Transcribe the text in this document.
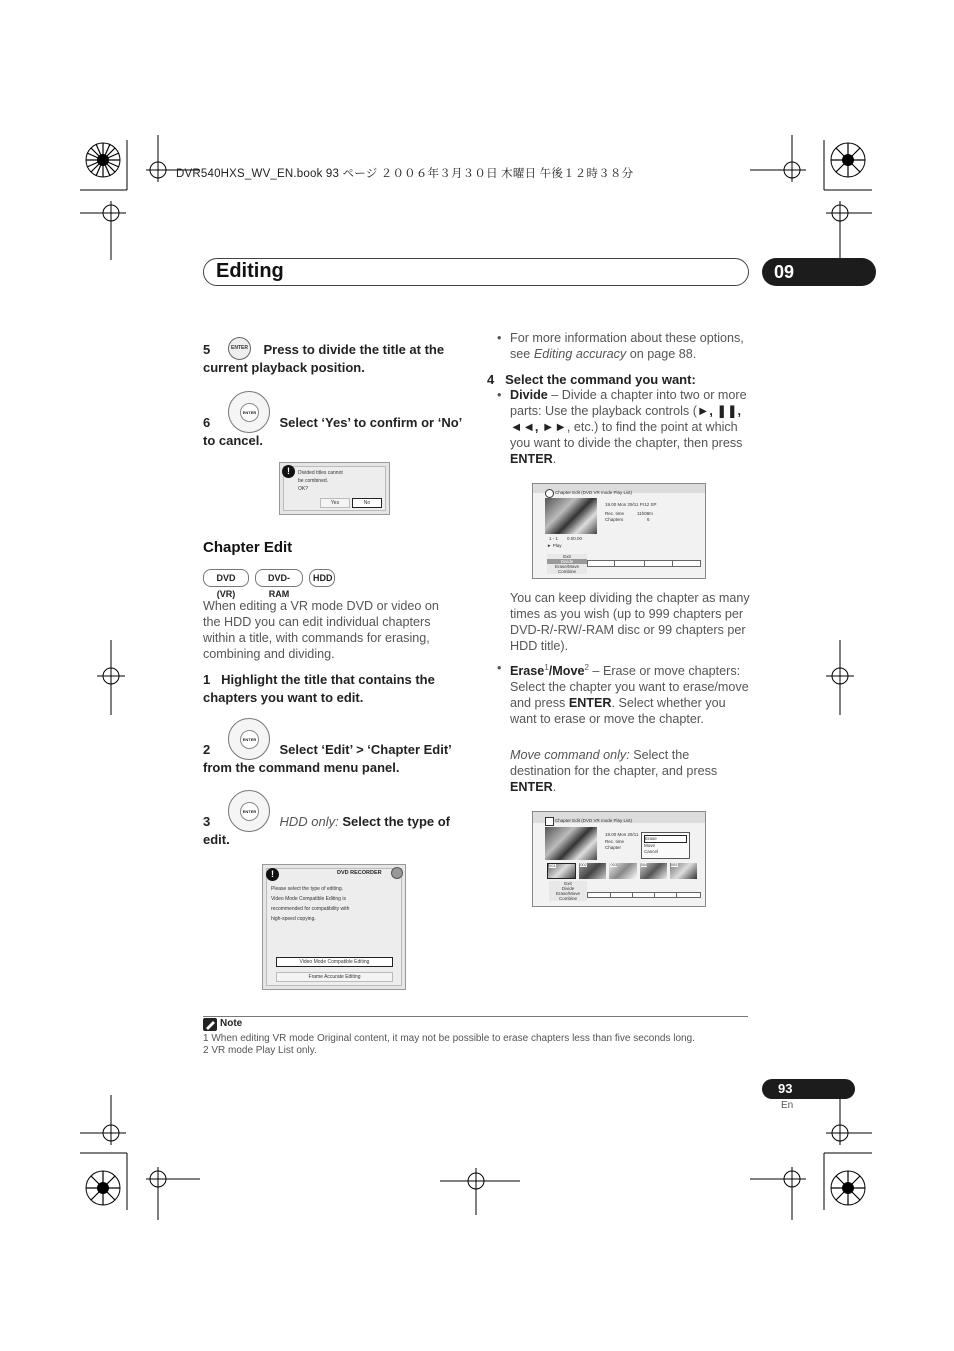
DVR540HXS_WV_EN.book 93 ページ ２００６年３月３０日 木曜日 午後１２時３８分
Editing	09
5	Press to divide the title at the current playback position.
ENTER
ENTER
6	Select ‘Yes’ to confirm or ‘No’ to cancel.
!	Divided titles cannot
be combined.
OK?
Yes	No
Chapter Edit
DVD (VR)
DVD-RAM
HDD
When editing a VR mode DVD or video on the HDD you can edit individual chapters within a title, with commands for erasing, combining and dividing.
1 Highlight the title that contains the chapters you want to edit.
ENTER
2	Select ‘Edit’ > ‘Chapter Edit’ from the command menu panel.
ENTER
3	HDD only: Select the type of edit.
!	DVD RECORDER
Please select the type of editing.
Video Mode Compatible Editing is
recommended for compatibility with
high-speed copying.
Video Mode Compatible Editing
Frame Accurate Editing
• For more information about these options, see Editing accuracy on page 88.
4 Select the command you want:
• Divide – Divide a chapter into two or more parts: Use the playback controls (►, ❚❚, ◄◄, ►►, etc.) to find the point at which you want to divide the chapter, then press ENTER.
Chapter Edit (DVD VR mode Play List)
19.00 Mon 29/11 Pr12 SP
Rec. time	11h08m
Chapters	6
1 - 1 0.00.00
► Play
Exit
Divide
Erase/Move
Combine
You can keep dividing the chapter as many times as you wish (up to 999 chapters per DVD-R/-RW/-RAM disc or 99 chapters per HDD title).
• Erase$^1$/Move$^2$ – Erase or move chapters: Select the chapter you want to erase/move and press ENTER. Select whether you want to erase or move the chapter.
Move command only: Select the destination for the chapter, and press ENTER.
Chapter Edit (DVD VR mode Play List)
19.00 Mon 29/11
Rec. time
Chapter
Erase
Move
Cancel
001	002	003	004	005
Exit
Divide
Erase/Move
Combine
Note
1 When editing VR mode Original content, it may not be possible to erase chapters less than five seconds long.
2 VR mode Play List only.
93
En
